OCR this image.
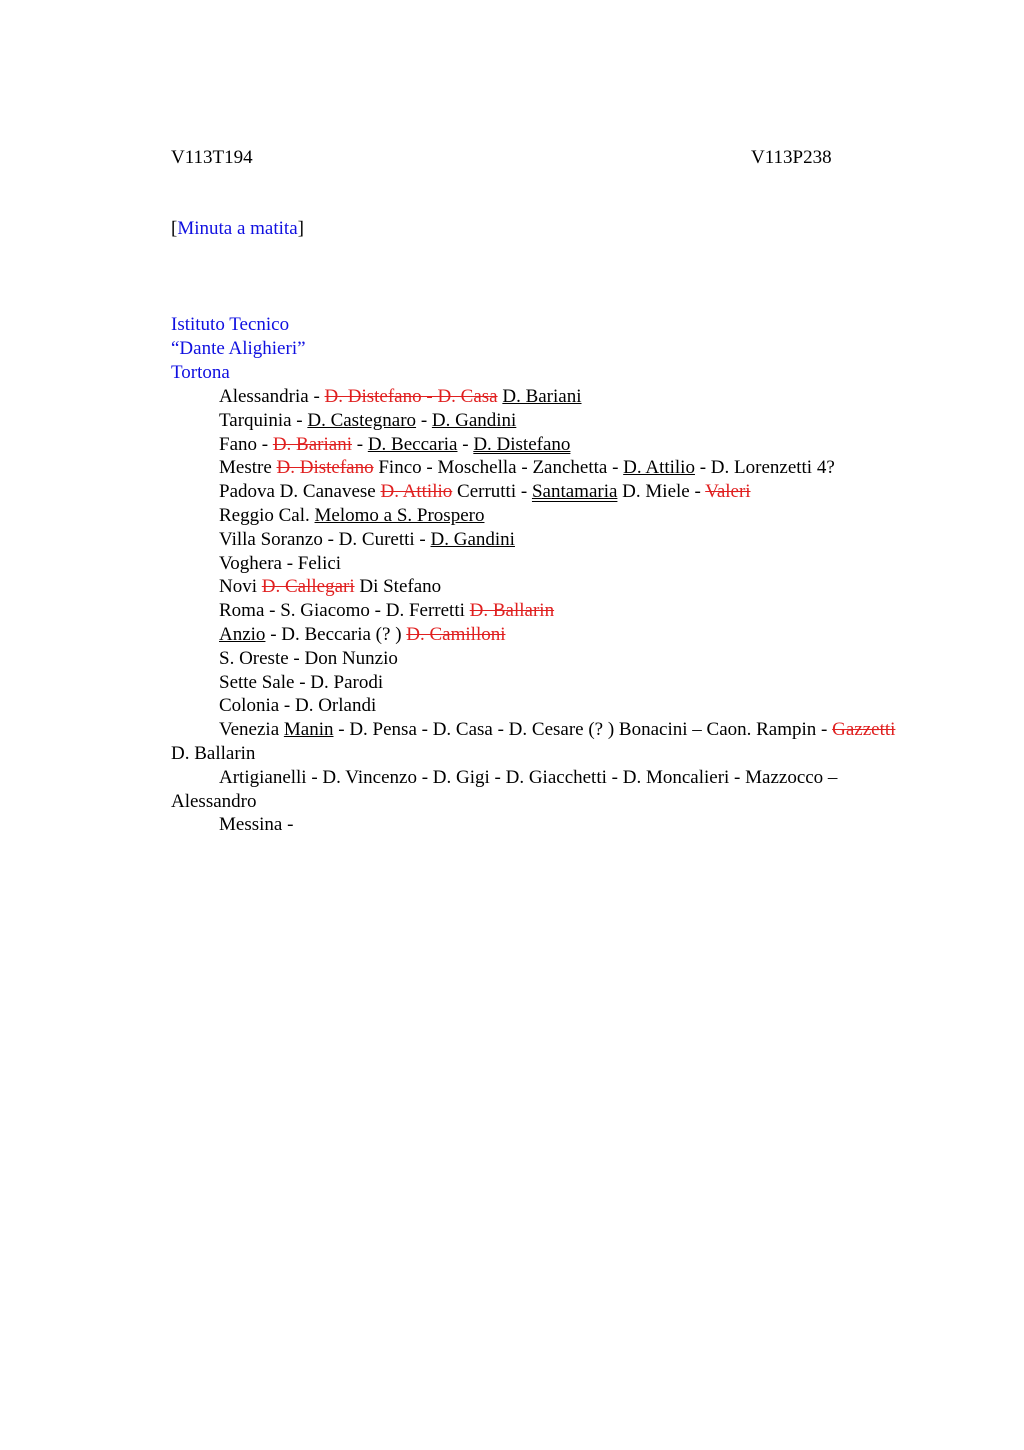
V113T194	V113P238
[Minuta a matita]
Istituto Tecnico
“Dante Alighieri”
Tortona

Alessandria - D. Distefano - D. Casa D. Bariani

Tarquinia - D. Castegnaro - D. Gandini

Fano - D. Bariani - D. Beccaria - D. Distefano

Mestre D. Distefano Finco - Moschella - Zanchetta - D. Attilio - D. Lorenzetti 4?

Padova D. Canavese D. Attilio Cerrutti - Santamaria D. Miele - Valeri

Reggio Cal. Melomo a S. Prospero

Villa Soranzo - D. Curetti - D. Gandini

Voghera - Felici

Novi D. Callegari Di Stefano

Roma - S. Giacomo - D. Ferretti D. Ballarin

Anzio - D. Beccaria (? ) D. Camilloni

S. Oreste - Don Nunzio

Sette Sale - D. Parodi

Colonia - D. Orlandi

Venezia Manin - D. Pensa - D. Casa - D. Cesare (? ) Bonacini – Caon. Rampin - Gazzetti D. Ballarin

Artigianelli - D. Vincenzo - D. Gigi - D. Giacchetti - D. Moncalieri - Mazzocco – Alessandro

Messina -
